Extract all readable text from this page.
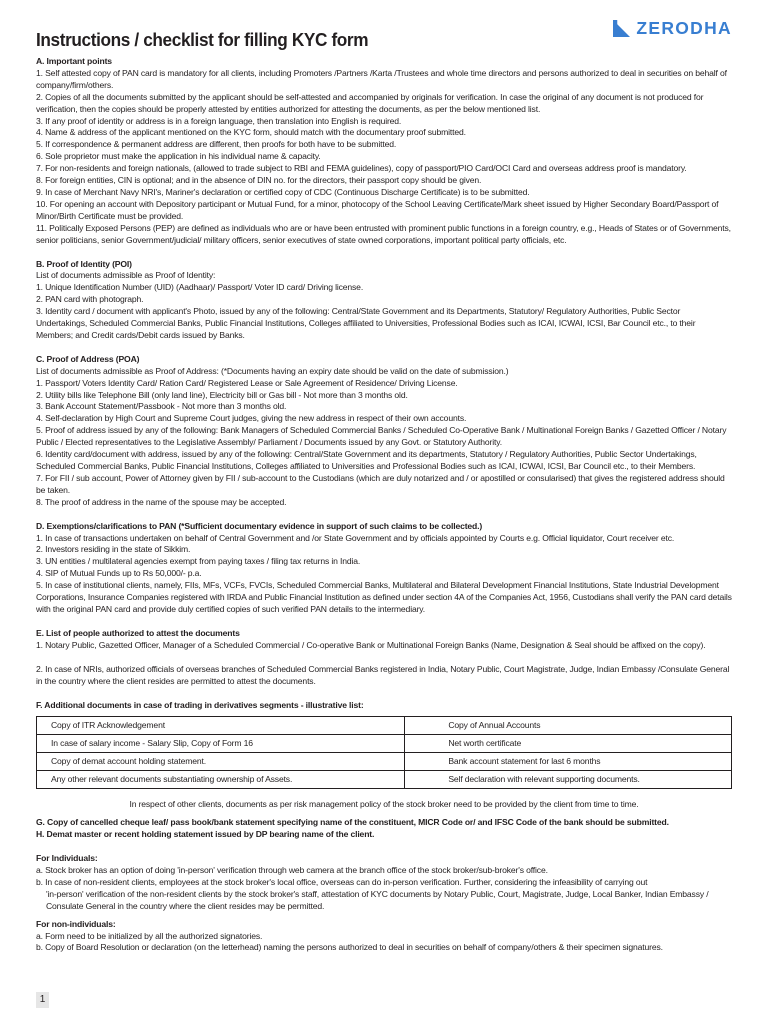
ZERODHA
Instructions / checklist for filling KYC form

A. Important points

1. Self attested copy of PAN card is mandatory for all clients, including Promoters /Partners /Karta /Trustees and whole time directors and persons authorized to deal in securities on behalf of company/firm/others.

2. Copies of all the documents submitted by the applicant should be self-attested and accompanied by originals for verification. In case the original of any document is not produced for verification, then the copies should be properly attested by entities authorized for attesting the documents, as per the below mentioned list.

3. If any proof of identity or address is in a foreign language, then translation into English is required.

4. Name & address of the applicant mentioned on the KYC form, should match with the documentary proof submitted.

5. If correspondence & permanent address are different, then proofs for both have to be submitted.

6. Sole proprietor must make the application in his individual name & capacity.

7. For non-residents and foreign nationals, (allowed to trade subject to RBI and FEMA guidelines), copy of passport/PIO Card/OCI Card and overseas address proof is mandatory.

8. For foreign entities, CIN is optional; and in the absence of DIN no. for the directors, their passport copy should be given.

9. In case of Merchant Navy NRI's, Mariner's declaration or certified copy of CDC (Continuous Discharge Certificate) is to be submitted.

10. For opening an account with Depository participant or Mutual Fund, for a minor, photocopy of the School Leaving Certificate/Mark sheet issued by Higher Secondary Board/Passport of Minor/Birth Certificate must be provided.

11. Politically Exposed Persons (PEP) are defined as individuals who are or have been entrusted with prominent public functions in a foreign country, e.g., Heads of States or of Governments, senior politicians, senior Government/judicial/ military officers, senior executives of state owned corporations, important political party officials, etc.

B. Proof of Identity (POI)

List of documents admissible as Proof of Identity:

1. Unique Identification Number (UID) (Aadhaar)/ Passport/ Voter ID card/ Driving license.

2. PAN card with photograph.

3. Identity card / document with applicant's Photo, issued by any of the following: Central/State Government and its Departments, Statutory/ Regulatory Authorities, Public Sector Undertakings, Scheduled Commercial Banks, Public Financial Institutions, Colleges affiliated to Universities, Professional Bodies such as ICAI, ICWAI, ICSI, Bar Council etc., to their Members; and Credit cards/Debit cards issued by Banks.

C. Proof of Address (POA)

List of documents admissible as Proof of Address: (*Documents having an expiry date should be valid on the date of submission.)

1. Passport/ Voters Identity Card/ Ration Card/ Registered Lease or Sale Agreement of Residence/ Driving License.

2. Utility bills like Telephone Bill (only land line), Electricity bill or Gas bill - Not more than 3 months old.

3. Bank Account Statement/Passbook - Not more than 3 months old.

4. Self-declaration by High Court and Supreme Court judges, giving the new address in respect of their own accounts.

5. Proof of address issued by any of the following: Bank Managers of Scheduled Commercial Banks / Scheduled Co-Operative Bank / Multinational Foreign Banks / Gazetted Officer / Notary Public / Elected representatives to the Legislative Assembly/ Parliament / Documents issued by any Govt. or Statutory Authority.

6. Identity card/document with address, issued by any of the following: Central/State Government and its departments, Statutory / Regulatory Authorities, Public Sector Undertakings, Scheduled Commercial Banks, Public Financial Institutions, Colleges affiliated to Universities and Professional Bodies such as ICAI, ICWAI, ICSI, Bar Council etc., to their Members.

7. For FII / sub account, Power of Attorney given by FII / sub-account to the Custodians (which are duly notarized and / or apostilled or consularised) that gives the registered address should be taken.

8. The proof of address in the name of the spouse may be accepted.

D. Exemptions/clarifications to PAN (*Sufficient documentary evidence in support of such claims to be collected.)

1. In case of transactions undertaken on behalf of Central Government and /or State Government and by officials appointed by Courts e.g. Official liquidator, Court receiver etc.

2. Investors residing in the state of Sikkim.

3. UN entities / multilateral agencies exempt from paying taxes / filing tax returns in India.

4. SIP of Mutual Funds up to Rs 50,000/- p.a.

5. In case of institutional clients, namely, FIIs, MFs, VCFs, FVCIs, Scheduled Commercial Banks, Multilateral and Bilateral Development Financial Institutions, State Industrial Development Corporations, Insurance Companies registered with IRDA and Public Financial Institution as defined under section 4A of the Companies Act, 1956, Custodians shall verify the PAN card details with the original PAN card and provide duly certified copies of such verified PAN details to the intermediary.

E. List of people authorized to attest the documents

1. Notary Public, Gazetted Officer, Manager of a Scheduled Commercial / Co-operative Bank or Multinational Foreign Banks (Name, Designation & Seal should be affixed on the copy).

2. In case of NRIs, authorized officials of overseas branches of Scheduled Commercial Banks registered in India, Notary Public, Court Magistrate, Judge, Indian Embassy /Consulate General in the country where the client resides are permitted to attest the documents.

F. Additional documents in case of trading in derivatives segments - illustrative list:

Copy of ITR Acknowledgement	Copy of Annual Accounts
In case of salary income - Salary Slip, Copy of Form 16	Net worth certificate
Copy of demat account holding statement.	Bank account statement for last 6 months
Any other relevant documents substantiating ownership of Assets.	Self declaration with relevant supporting documents.

In respect of other clients, documents as per risk management policy of the stock broker need to be provided by the client from time to time.

G. Copy of cancelled cheque leaf/ pass book/bank statement specifying name of the constituent, MICR Code or/ and IFSC Code of the bank should be submitted.

H. Demat master or recent holding statement issued by DP bearing name of the client.

For Individuals:

a. Stock broker has an option of doing 'in-person' verification through web camera at the branch office of the stock broker/sub-broker's office.

b. In case of non-resident clients, employees at the stock broker's local office, overseas can do in-person verification. Further, considering the infeasibility of carrying out

'in-person' verification of the non-resident clients by the stock broker's staff, attestation of KYC documents by Notary Public, Court, Magistrate, Judge, Local Banker, Indian Embassy / Consulate General in the country where the client resides may be permitted.

For non-individuals:

a. Form need to be initialized by all the authorized signatories.

b. Copy of Board Resolution or declaration (on the letterhead) naming the persons authorized to deal in securities on behalf of company/others & their specimen signatures.

1
